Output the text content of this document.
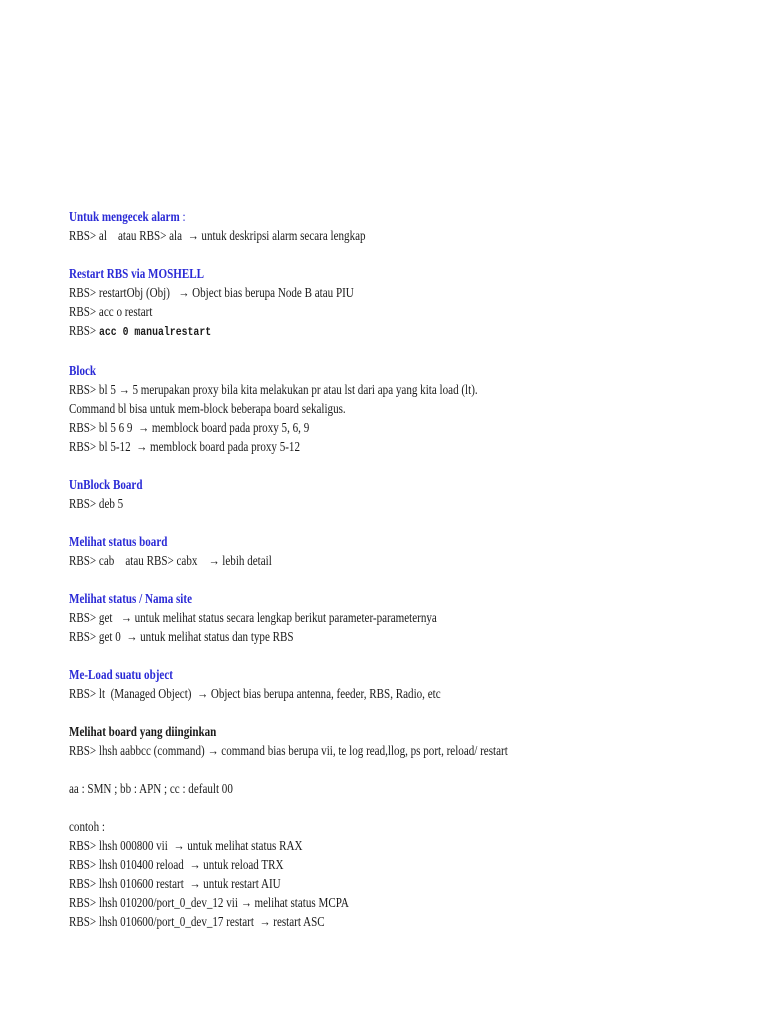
Untuk mengecek alarm :
RBS> al    atau RBS> ala  → untuk deskripsi alarm secara lengkap
Restart RBS via MOSHELL
RBS> restartObj (Obj)   → Object bias berupa Node B atau PIU
RBS> acc o restart
RBS> acc 0 manualrestart
Block
RBS> bl 5 → 5 merupakan proxy bila kita melakukan pr atau lst dari apa yang kita load (lt).
Command bl bisa untuk mem-block beberapa board sekaligus.
RBS> bl 5 6 9  → memblock board pada proxy 5, 6, 9
RBS> bl 5-12  → memblock board pada proxy 5-12
UnBlock Board
RBS> deb 5
Melihat status board
RBS> cab    atau RBS> cabx    → lebih detail
Melihat status / Nama site
RBS> get   → untuk melihat status secara lengkap berikut parameter-parameternya
RBS> get 0  → untuk melihat status dan type RBS
Me-Load suatu object
RBS> lt  (Managed Object)  → Object bias berupa antenna, feeder, RBS, Radio, etc
Melihat board yang diinginkan
RBS> lhsh aabbcc (command) → command bias berupa vii, te log read,llog, ps port, reload/ restart
aa : SMN ; bb : APN ; cc : default 00
contoh :
RBS> lhsh 000800 vii  → untuk melihat status RAX
RBS> lhsh 010400 reload  → untuk reload TRX
RBS> lhsh 010600 restart  → untuk restart AIU
RBS> lhsh 010200/port_0_dev_12 vii → melihat status MCPA
RBS> lhsh 010600/port_0_dev_17 restart  → restart ASC
